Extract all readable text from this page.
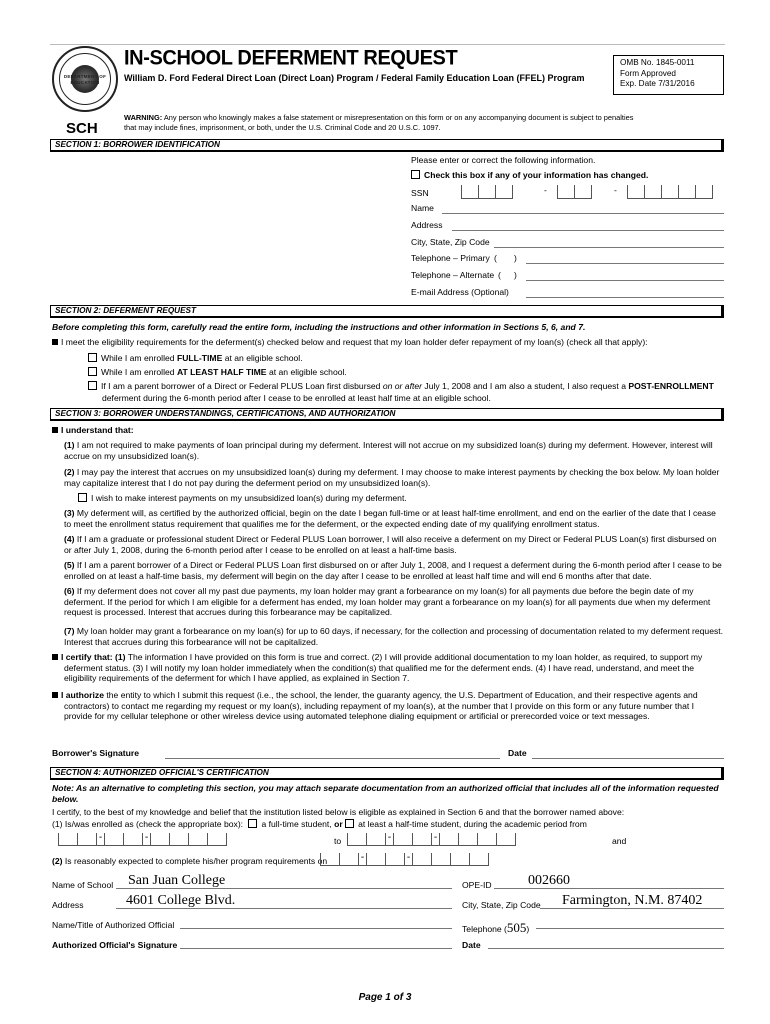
DEPARTMENT OF EDUCATION
IN-SCHOOL DEFERMENT REQUEST
William D. Ford Federal Direct Loan (Direct Loan) Program / Federal Family Education Loan (FFEL) Program
OMB No. 1845-0011
Form Approved
Exp. Date 7/31/2016
SCH
WARNING: Any person who knowingly makes a false statement or misrepresentation on this form or on any accompanying document is subject to penalties that may include fines, imprisonment, or both, under the U.S. Criminal Code and 20 U.S.C. 1097.
SECTION 1: BORROWER IDENTIFICATION
Please enter or correct the following information.
Check this box if any of your information has changed.
SSN	-	-
Name
Address
City, State, Zip Code
Telephone – Primary ( )
Telephone – Alternate ( )
E-mail Address (Optional)
SECTION 2: DEFERMENT REQUEST
Before completing this form, carefully read the entire form, including the instructions and other information in Sections 5, 6, and 7.
I meet the eligibility requirements for the deferment(s) checked below and request that my loan holder defer repayment of my loan(s) (check all that apply):
While I am enrolled FULL-TIME at an eligible school.
While I am enrolled AT LEAST HALF TIME at an eligible school.
If I am a parent borrower of a Direct or Federal PLUS Loan first disbursed on or after July 1, 2008 and I am also a student, I also request a POST-ENROLLMENT
deferment during the 6-month period after I cease to be enrolled at least half time at an eligible school.
SECTION 3: BORROWER UNDERSTANDINGS, CERTIFICATIONS, AND AUTHORIZATION
I understand that:
(1) I am not required to make payments of loan principal during my deferment. Interest will not accrue on my subsidized loan(s) during my deferment. However, interest will accrue on my unsubsidized loan(s).
(2) I may pay the interest that accrues on my unsubsidized loan(s) during my deferment. I may choose to make interest payments by checking the box below. My loan holder may capitalize interest that I do not pay during the deferment period on my unsubsidized loan(s).
I wish to make interest payments on my unsubsidized loan(s) during my deferment.
(3) My deferment will, as certified by the authorized official, begin on the date I began full-time or at least half-time enrollment, and end on the earlier of the date that I cease to meet the enrollment status requirement that qualifies me for the deferment, or the expected ending date of my qualifying enrollment status.
(4) If I am a graduate or professional student Direct or Federal PLUS Loan borrower, I will also receive a deferment on my Direct or Federal PLUS Loan(s) first disbursed on or after July 1, 2008, during the 6-month period after I cease to be enrolled on at least a half-time basis.
(5) If I am a parent borrower of a Direct or Federal PLUS Loan first disbursed on or after July 1, 2008, and I request a deferment during the 6-month period after I cease to be enrolled on at least a half-time basis, my deferment will begin on the day after I cease to be enrolled at least half time and will end 6 months after that date.
(6) If my deferment does not cover all my past due payments, my loan holder may grant a forbearance on my loan(s) for all payments due before the begin date of my deferment. If the period for which I am eligible for a deferment has ended, my loan holder may grant a forbearance on my loan(s) for all payments due when my deferment request is processed. Interest that accrues during this forbearance may be capitalized.
(7) My loan holder may grant a forbearance on my loan(s) for up to 60 days, if necessary, for the collection and processing of documentation related to my deferment request. Interest that accrues during this forbearance will not be capitalized.
I certify that: (1) The information I have provided on this form is true and correct. (2) I will provide additional documentation to my loan holder, as required, to support my deferment status. (3) I will notify my loan holder immediately when the condition(s) that qualified me for the deferment ends. (4) I have read, understand, and meet the eligibility requirements of the deferment for which I have applied, as explained in Section 7.
I authorize the entity to which I submit this request (i.e., the school, the lender, the guaranty agency, the U.S. Department of Education, and their respective agents and contractors) to contact me regarding my request or my loan(s), including repayment of my loan(s), at the number that I provide on this form or any future number that I provide for my cellular telephone or other wireless device using automated telephone dialing equipment or artificial or prerecorded voice or text messages.
Borrower's Signature	Date
SECTION 4: AUTHORIZED OFFICIAL'S CERTIFICATION
Note: As an alternative to completing this section, you may attach separate documentation from an authorized official that includes all of the information requested below.
I certify, to the best of my knowledge and belief that the institution listed below is eligible as explained in Section 6 and that the borrower named above:
(1) Is/was enrolled as (check the appropriate box): a full-time student, or at least a half-time student, during the academic period from
-	-	to	-	-	and
(2) Is reasonably expected to complete his/her program requirements on	-	-
Name of School San Juan College	OPE-ID	002660
Address	4601 College Blvd.	City, State, Zip Code Farmington, N.M. 87402
Name/Title of Authorized Official	Telephone (505)
Authorized Official's Signature	Date
Page 1 of 3
